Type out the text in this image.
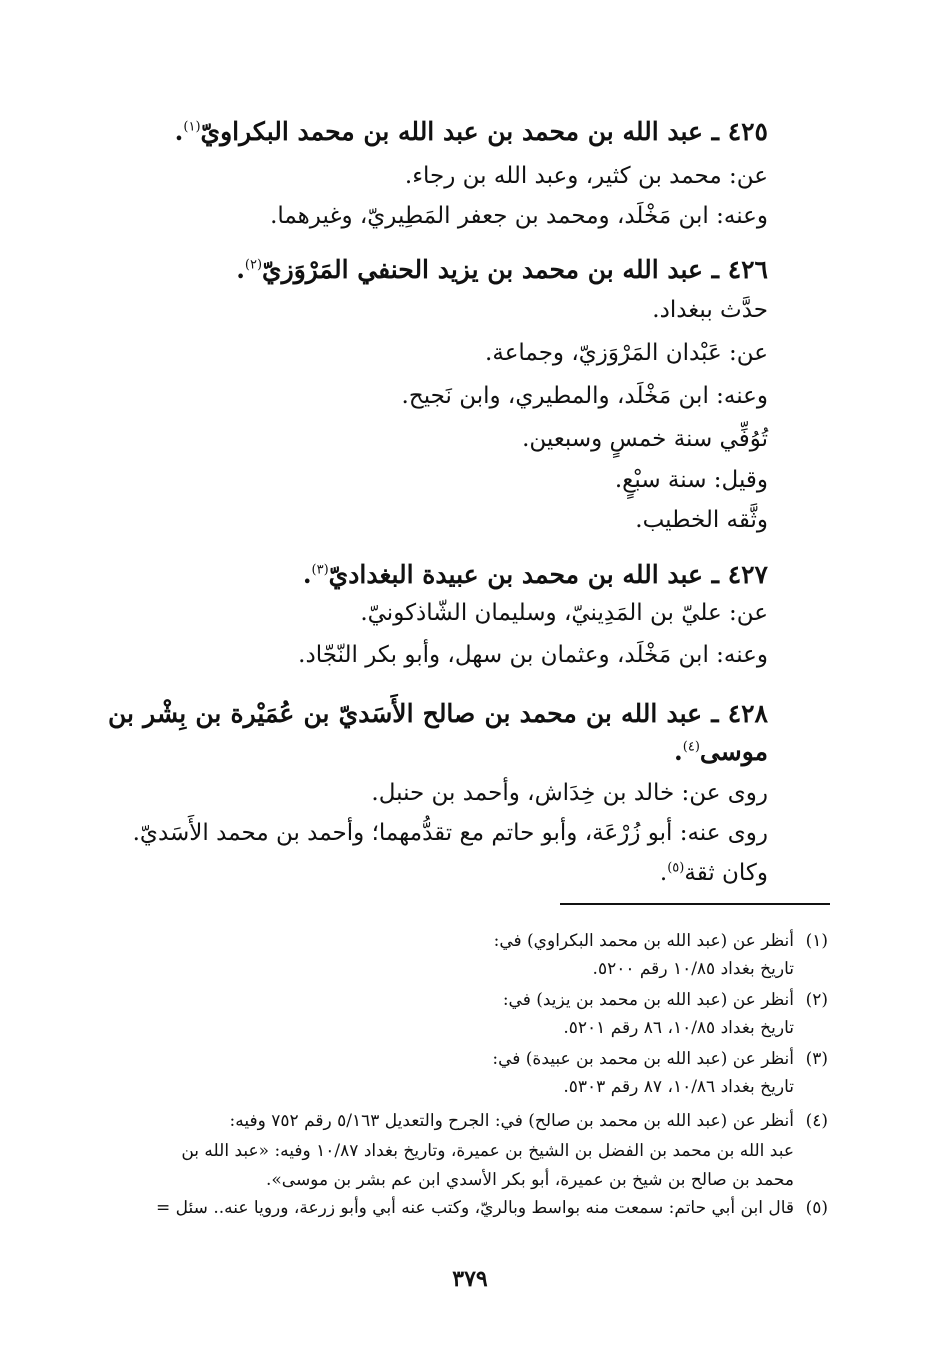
٤٢٥ ـ عبد الله بن محمد بن عبد الله بن محمد البكراويّ$^{(١)}$.
عن: محمد بن كثير، وعبد الله بن رجاء.
وعنه: ابن مَخْلَد، ومحمد بن جعفر المَطِيريّ، وغيرهما.
٤٢٦ ـ عبد الله بن محمد بن يزيد الحنفي المَرْوَزيّ$^{(٢)}$.
حدَّث ببغداد.
عن: عَبْدان المَرْوَزيّ، وجماعة.
وعنه: ابن مَخْلَد، والمطيري، وابن نَجيح.
تُوُفِّي سنة خمسٍ وسبعين.
وقيل: سنة سبْعٍ.
وثَّقه الخطيب.
٤٢٧ ـ عبد الله بن محمد بن عبيدة البغداديّ$^{(٣)}$.
عن: عليّ بن المَدِينيّ، وسليمان الشّاذكونيّ.
وعنه: ابن مَخْلَد، وعثمان بن سهل، وأبو بكر النّجّاد.
٤٢٨ ـ عبد الله بن محمد بن صالح الأَسَديّ بن عُمَيْرة بن بِشْر بن
موسى$^{(٤)}$.
روى عن: خالد بن خِدَاش، وأحمد بن حنبل.
روى عنه: أبو زُرْعَة، وأبو حاتم مع تقدُّمهما؛ وأحمد بن محمد الأَسَديّ.
وكان ثقة$^{(٥)}$.
(١)أنظر عن (عبد الله بن محمد البكراوي) في:
تاريخ بغداد ١٠/٨٥ رقم ٥٢٠٠.
(٢)أنظر عن (عبد الله بن محمد بن يزيد) في:
تاريخ بغداد ١٠/٨٥، ٨٦ رقم ٥٢٠١.
(٣)أنظر عن (عبد الله بن محمد بن عبيدة) في:
تاريخ بغداد ١٠/٨٦، ٨٧ رقم ٥٣٠٣.
(٤)أنظر عن (عبد الله بن محمد بن صالح) في: الجرح والتعديل ٥/١٦٣ رقم ٧٥٢ وفيه:
عبد الله بن محمد بن الفضل بن الشيخ بن عميرة، وتاريخ بغداد ١٠/٨٧ وفيه: «عبد الله بن
محمد بن صالح بن شيخ بن عميرة، أبو بكر الأسدي ابن عم بشر بن موسى».
(٥)قال ابن أبي حاتم: سمعت منه بواسط وبالريّ، وكتب عنه أبي وأبو زرعة، ورويا عنه.. سئل =
٣٧٩
